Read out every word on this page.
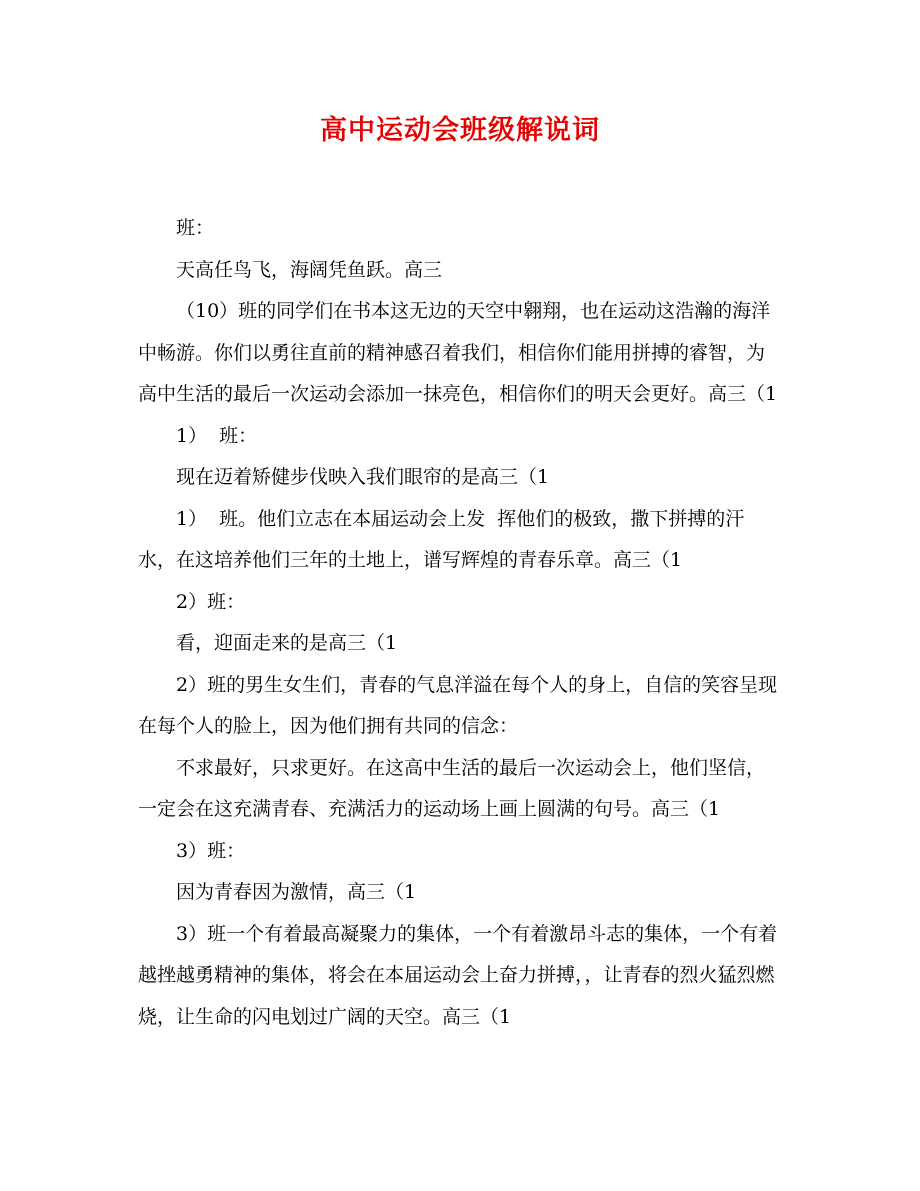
高中运动会班级解说词

班：

天高任鸟飞，海阔凭鱼跃。高三

（10）班的同学们在书本这无边的天空中翱翔，也在运动这浩瀚的海洋中畅游。你们以勇往直前的精神感召着我们，相信你们能用拼搏的睿智，为高中生活的最后一次运动会添加一抹亮色，相信你们的明天会更好。高三（1

1）  班：

现在迈着矫健步伐映入我们眼帘的是高三（1

1）  班。他们立志在本届运动会上发  挥他们的极致，撒下拼搏的汗水，在这培养他们三年的土地上，谱写辉煌的青春乐章。高三（1

2）班：

看，迎面走来的是高三（1

2）班的男生女生们，青春的气息洋溢在每个人的身上，自信的笑容呈现在每个人的脸上，因为他们拥有共同的信念：

不求最好，只求更好。在这高中生活的最后一次运动会上，他们坚信，一定会在这充满青春、充满活力的运动场上画上圆满的句号。高三（1

3）班：

因为青春因为激情，高三（1

3）班一个有着最高凝聚力的集体，一个有着激昂斗志的集体，一个有着越挫越勇精神的集体，将会在本届运动会上奋力拼搏，，让青春的烈火猛烈燃烧，让生命的闪电划过广阔的天空。高三（1
